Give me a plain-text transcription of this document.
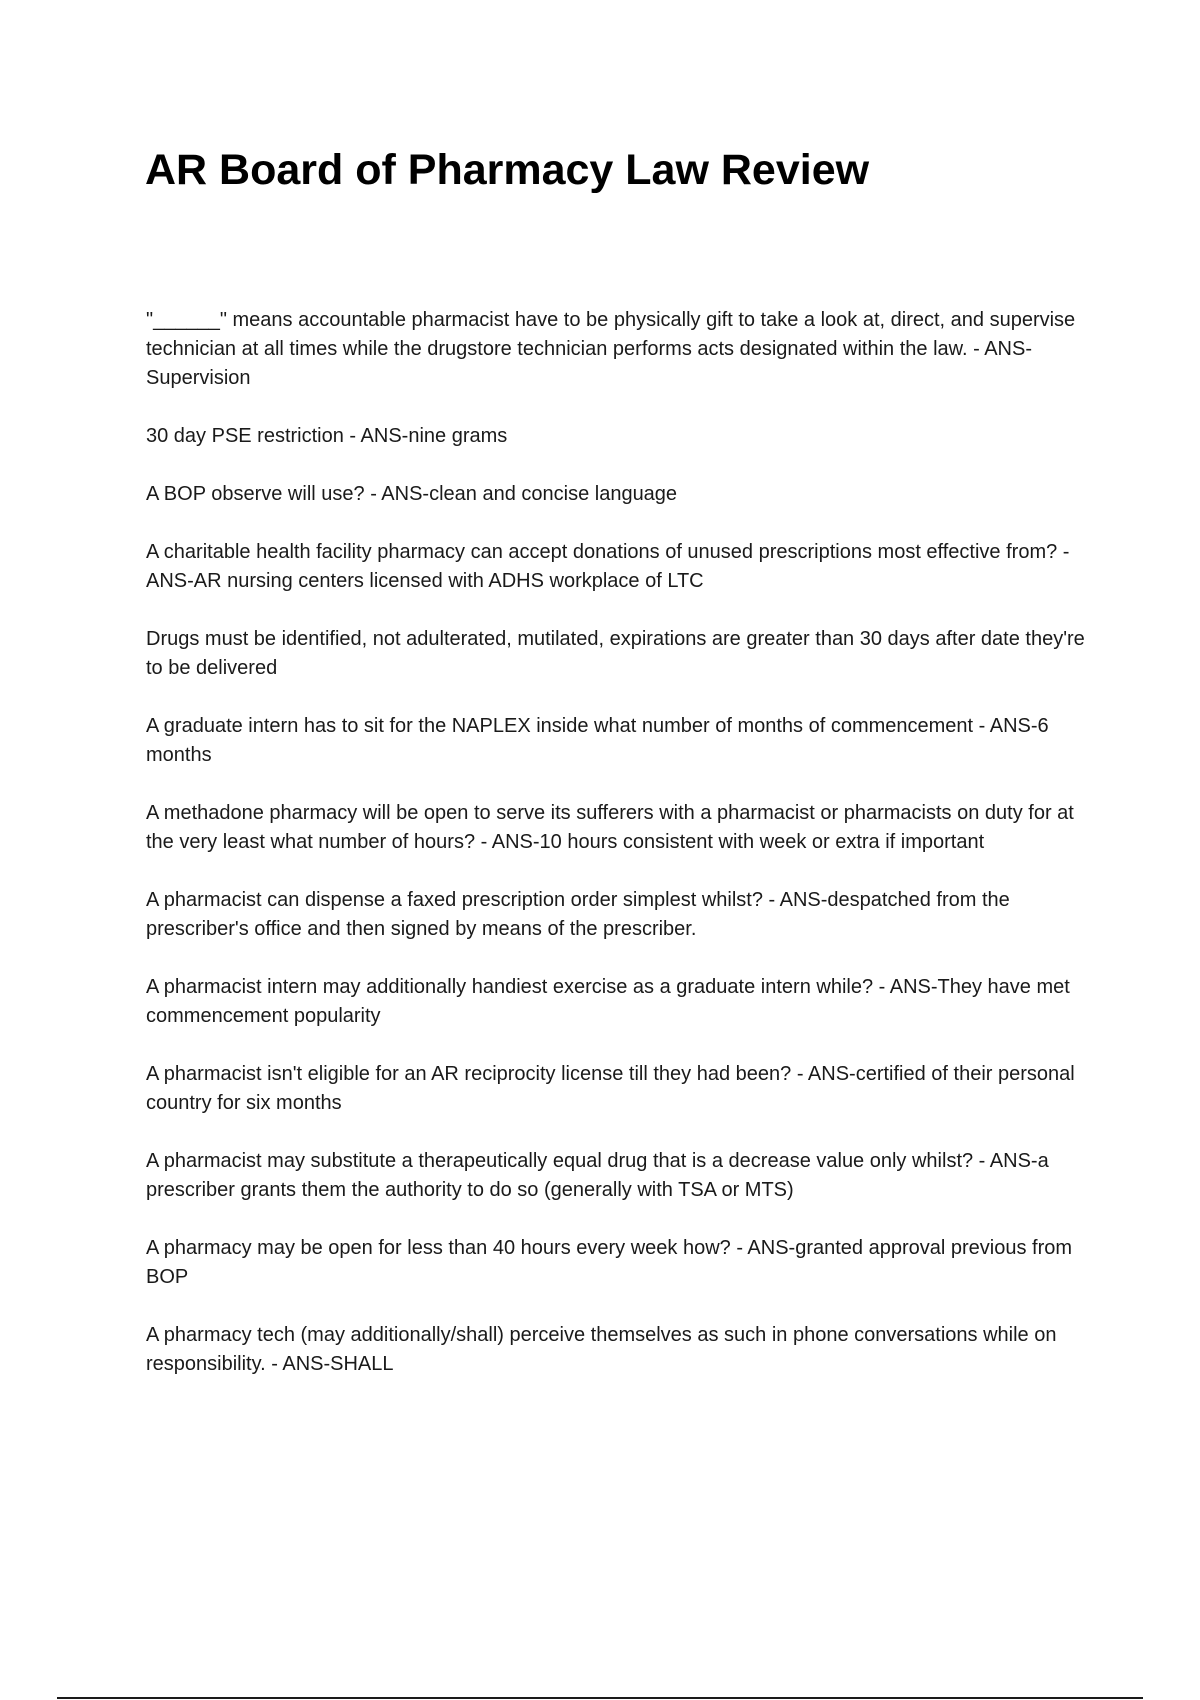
AR Board of Pharmacy Law Review
"______" means accountable pharmacist have to be physically gift to take a look at, direct, and supervise technician at all times while the drugstore technician performs acts designated within the law. - ANS-Supervision
30 day PSE restriction - ANS-nine grams
A BOP observe will use? - ANS-clean and concise language
A charitable health facility pharmacy can accept donations of unused prescriptions most effective from? - ANS-AR nursing centers licensed with ADHS workplace of LTC
Drugs must be identified, not adulterated, mutilated, expirations are greater than 30 days after date they're to be delivered
A graduate intern has to sit for the NAPLEX inside what number of months of commencement - ANS-6 months
A methadone pharmacy will be open to serve its sufferers with a pharmacist or pharmacists on duty for at the very least what number of hours? - ANS-10 hours consistent with week or extra if important
A pharmacist can dispense a faxed prescription order simplest whilst? - ANS-despatched from the prescriber's office and then signed by means of the prescriber.
A pharmacist intern may additionally handiest exercise as a graduate intern while? - ANS-They have met commencement popularity
A pharmacist isn't eligible for an AR reciprocity license till they had been? - ANS-certified of their personal country for six months
A pharmacist may substitute a therapeutically equal drug that is a decrease value only whilst? - ANS-a prescriber grants them the authority to do so (generally with TSA or MTS)
A pharmacy may be open for less than 40 hours every week how? - ANS-granted approval previous from BOP
A pharmacy tech (may additionally/shall) perceive themselves as such in phone conversations while on responsibility. - ANS-SHALL
